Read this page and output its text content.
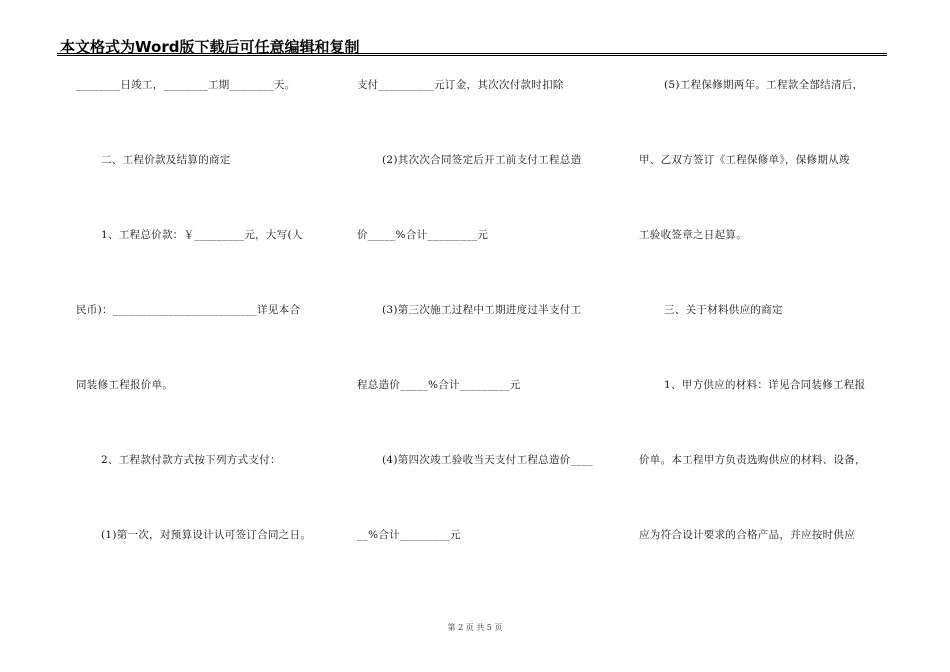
本文格式为Word版下载后可任意编辑和复制
________日竣工，________工期________天。
二、工程价款及结算的商定
1、工程总价款：￥_________元，大写(人
民币)：__________________________详见本合
同装修工程报价单。
2、工程款付款方式按下列方式支付：
(1)第一次，对预算设计认可签订合同之日。
支付__________元订金，其次次付款时扣除
(2)其次次合同签定后开工前支付工程总造
价_____%合计_________元
(3)第三次施工过程中工期进度过半支付工
程总造价_____%合计_________元
(4)第四次竣工验收当天支付工程总造价____
__%合计_________元
(5)工程保修期两年。工程款全部结清后，
甲、乙双方签订《工程保修单》，保修期从竣
工验收签章之日起算。
三、关于材料供应的商定
1、甲方供应的材料：详见合同装修工程报
价单。本工程甲方负责选购供应的材料、设备，
应为符合设计要求的合格产品，并应按时供应
第 2 页 共 5 页
